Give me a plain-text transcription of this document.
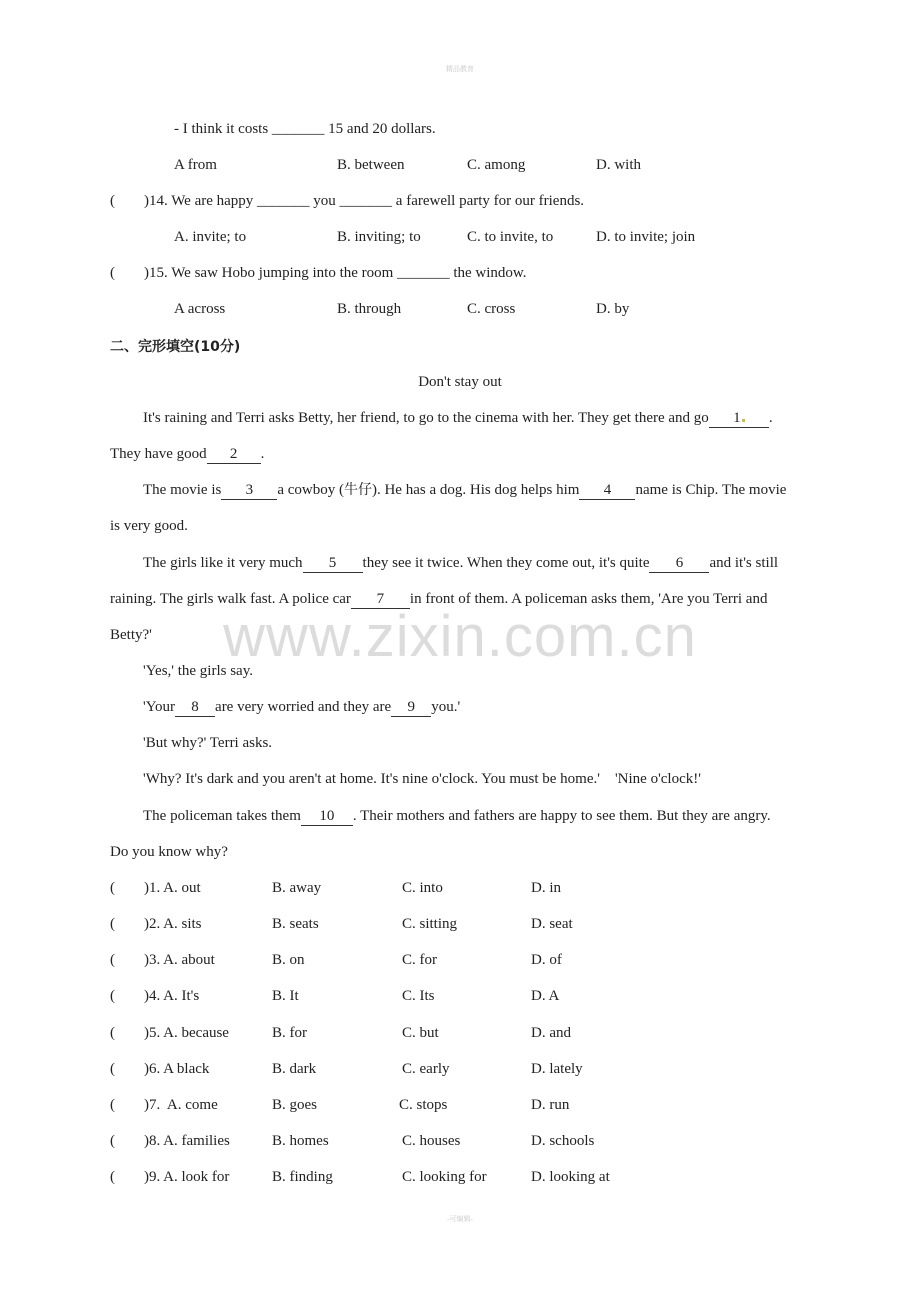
精品教育
www.zixin.com.cn
- I think it costs _______ 15 and 20 dollars.
A from	B. between	C. among	D. with
( )14. We are happy _______ you _______ a farewell party for our friends.
A. invite; to	B. inviting; to	C. to invite, to	D. to invite; join
( )15. We saw Hobo jumping into the room _______ the window.
A across	B. through	C. cross	D. by
二、完形填空(10分)
Don't stay out
It's raining and Terri asks Betty, her friend, to go to the cinema with her. They get there and go 1 .
They have good 2 .
The movie is 3 a cowboy (牛仔). He has a dog. His dog helps him 4 name is Chip. The movie
is very good.
The girls like it very much 5 they see it twice. When they come out, it's quite 6 and it's still
raining. The girls walk fast. A police car 7 in front of them. A policeman asks them, 'Are you Terri and
Betty?'
'Yes,' the girls say.
'Your 8 are very worried and they are 9 you.'
'But why?' Terri asks.
'Why? It's dark and you aren't at home. It's nine o'clock. You must be home.'    'Nine o'clock!'
The policeman takes them 10 . Their mothers and fathers are happy to see them. But they are angry.
Do you know why?
( )1. A. out	B. away	C. into	D. in
( )2. A. sits	B. seats	C. sitting	D. seat
( )3. A. about	B. on	C. for	D. of
( )4. A. It's	B. It	C. Its	D. A
( )5. A. because	B. for	C. but	D. and
( )6. A black	B. dark	C. early	D. lately
( )7.  A. come	B. goes	C. stops	D. run
( )8. A. families	B. homes	C. houses	D. schools
( )9. A. look for	B. finding	C. looking for	D. looking at
-可编辑-
